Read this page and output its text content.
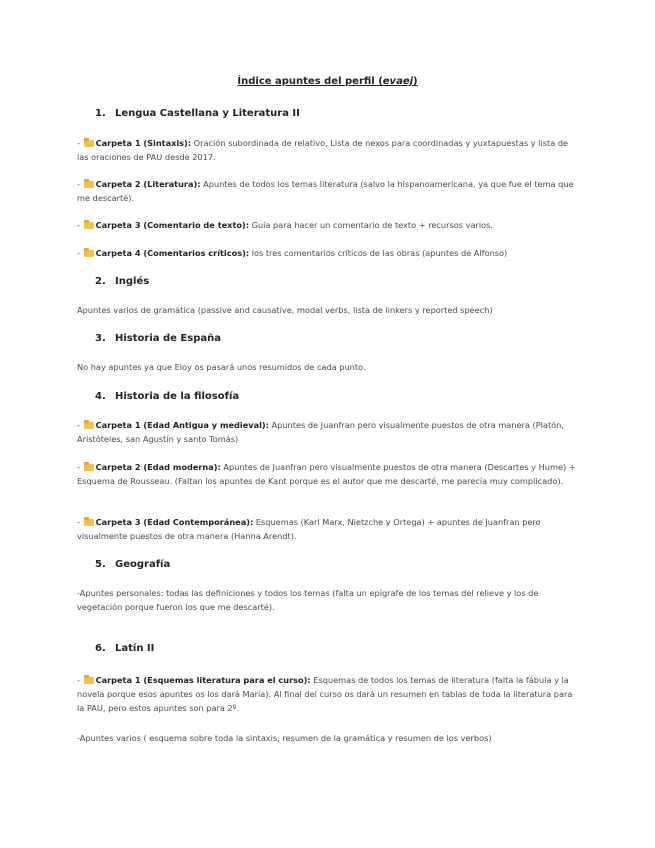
Índice apuntes del perfil (evaej)
1. Lengua Castellana y Literatura II
- Carpeta 1 (Sintaxis): Oración subordinada de relativo, Lista de nexos para coordinadas y yuxtapuestas y lista de las oraciones de PAU desde 2017.
- Carpeta 2 (Literatura): Apuntes de todos los temas literatura (salvo la hispanoamericana, ya que fue el tema que me descarté).
- Carpeta 3 (Comentario de texto): Guía para hacer un comentario de texto + recursos varios.
- Carpeta 4 (Comentarios críticos): los tres comentarios críticos de las obras (apuntes de Alfonso)
2. Inglés
Apuntes varios de gramática (passive and causative, modal verbs, lista de linkers y reported speech)
3. Historia de España
No hay apuntes ya que Eloy os pasará unos resumidos de cada punto.
4. Historia de la filosofía
- Carpeta 1 (Edad Antigua y medieval): Apuntes de Juanfran pero visualmente puestos de otra manera (Platón, Aristóteles, san Agustín y santo Tomás)
- Carpeta 2 (Edad moderna): Apuntes de Juanfran pero visualmente puestos de otra manera (Descartes y Hume) + Esquema de Rousseau. (Faltan los apuntes de Kant porque es el autor que me descarté, me parecía muy complicado).
- Carpeta 3 (Edad Contemporánea): Esquemas (Karl Marx, Nietzche y Ortega) + apuntes de Juanfran pero visualmente puestos de otra manera (Hanna Arendt).
5. Geografía
-Apuntes personales: todas las definiciones y todos los temas (falta un epígrafe de los temas del relieve y los de vegetación porque fueron los que me descarté).
6. Latín II
- Carpeta 1 (Esquemas literatura para el curso): Esquemas de todos los temas de literatura (falta la fábula y la novela porque esos apuntes os los dará María). Al final del curso os dará un resumen en tablas de toda la literatura para la PAU, pero estos apuntes son para 2º.
-Apuntes varios ( esquema sobre toda la sintaxis, resumen de la gramática y resumen de los verbos)
